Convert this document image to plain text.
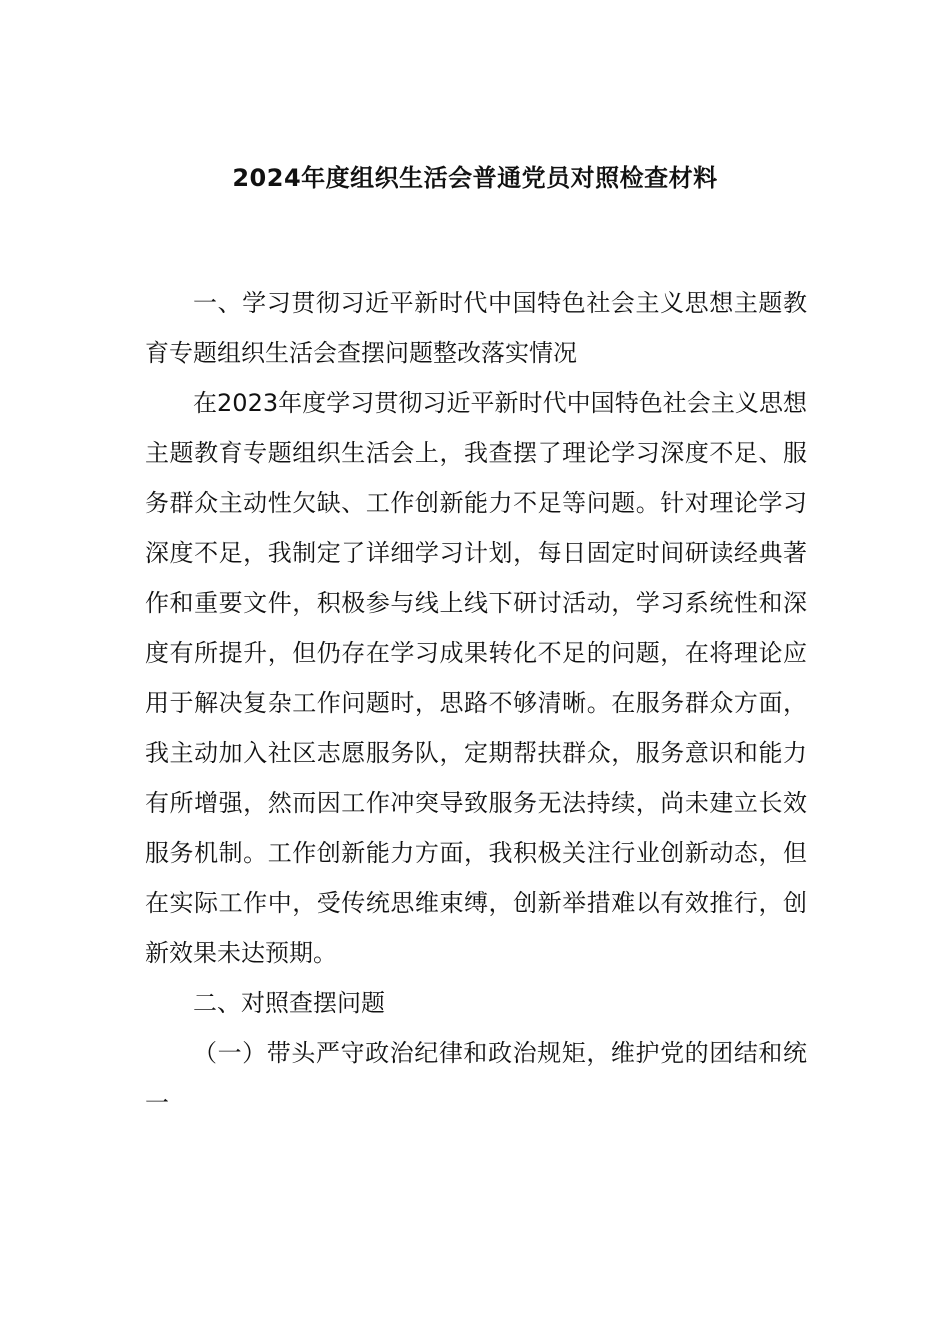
2024年度组织生活会普通党员对照检查材料

一、学习贯彻习近平新时代中国特色社会主义思想主题教育专题组织生活会查摆问题整改落实情况

在2023年度学习贯彻习近平新时代中国特色社会主义思想主题教育专题组织生活会上，我查摆了理论学习深度不足、服务群众主动性欠缺、工作创新能力不足等问题。针对理论学习深度不足，我制定了详细学习计划，每日固定时间研读经典著作和重要文件，积极参与线上线下研讨活动，学习系统性和深度有所提升，但仍存在学习成果转化不足的问题，在将理论应用于解决复杂工作问题时，思路不够清晰。在服务群众方面，我主动加入社区志愿服务队，定期帮扶群众，服务意识和能力有所增强，然而因工作冲突导致服务无法持续，尚未建立长效服务机制。工作创新能力方面，我积极关注行业创新动态，但在实际工作中，受传统思维束缚，创新举措难以有效推行，创新效果未达预期。

二、对照查摆问题

（一）带头严守政治纪律和政治规矩，维护党的团结和统一
